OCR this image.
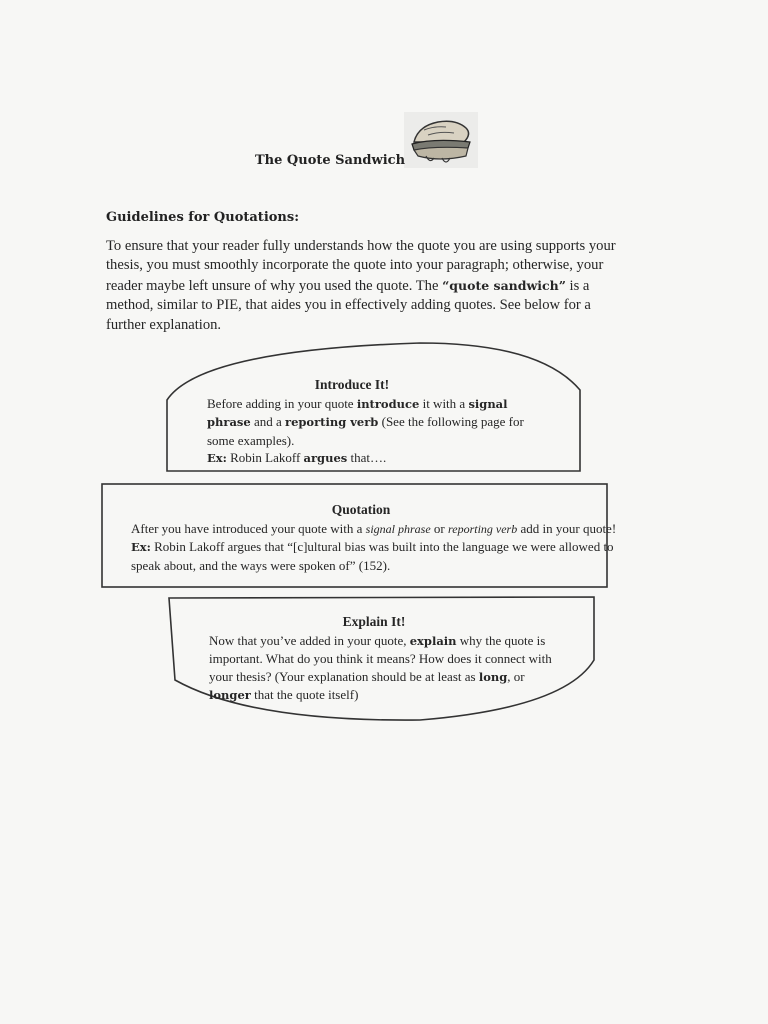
The Quote Sandwich
Guidelines for Quotations:
To ensure that your reader fully understands how the quote you are using supports your thesis, you must smoothly incorporate the quote into your paragraph; otherwise, your reader maybe left unsure of why you used the quote. The “quote sandwich” is a method, similar to PIE, that aides you in effectively adding quotes. See below for a further explanation.
Introduce It!
Before adding in your quote introduce it with a signal phrase and a reporting verb (See the following page for some examples).
Ex: Robin Lakoff argues that….
Quotation
After you have introduced your quote with a signal phrase or reporting verb add in your quote! Ex: Robin Lakoff argues that “[c]ultural bias was built into the language we were allowed to speak about, and the ways were spoken of” (152).
Explain It!
Now that you’ve added in your quote, explain why the quote is important. What do you think it means? How does it connect with your thesis? (Your explanation should be at least as long, or longer that the quote itself)
